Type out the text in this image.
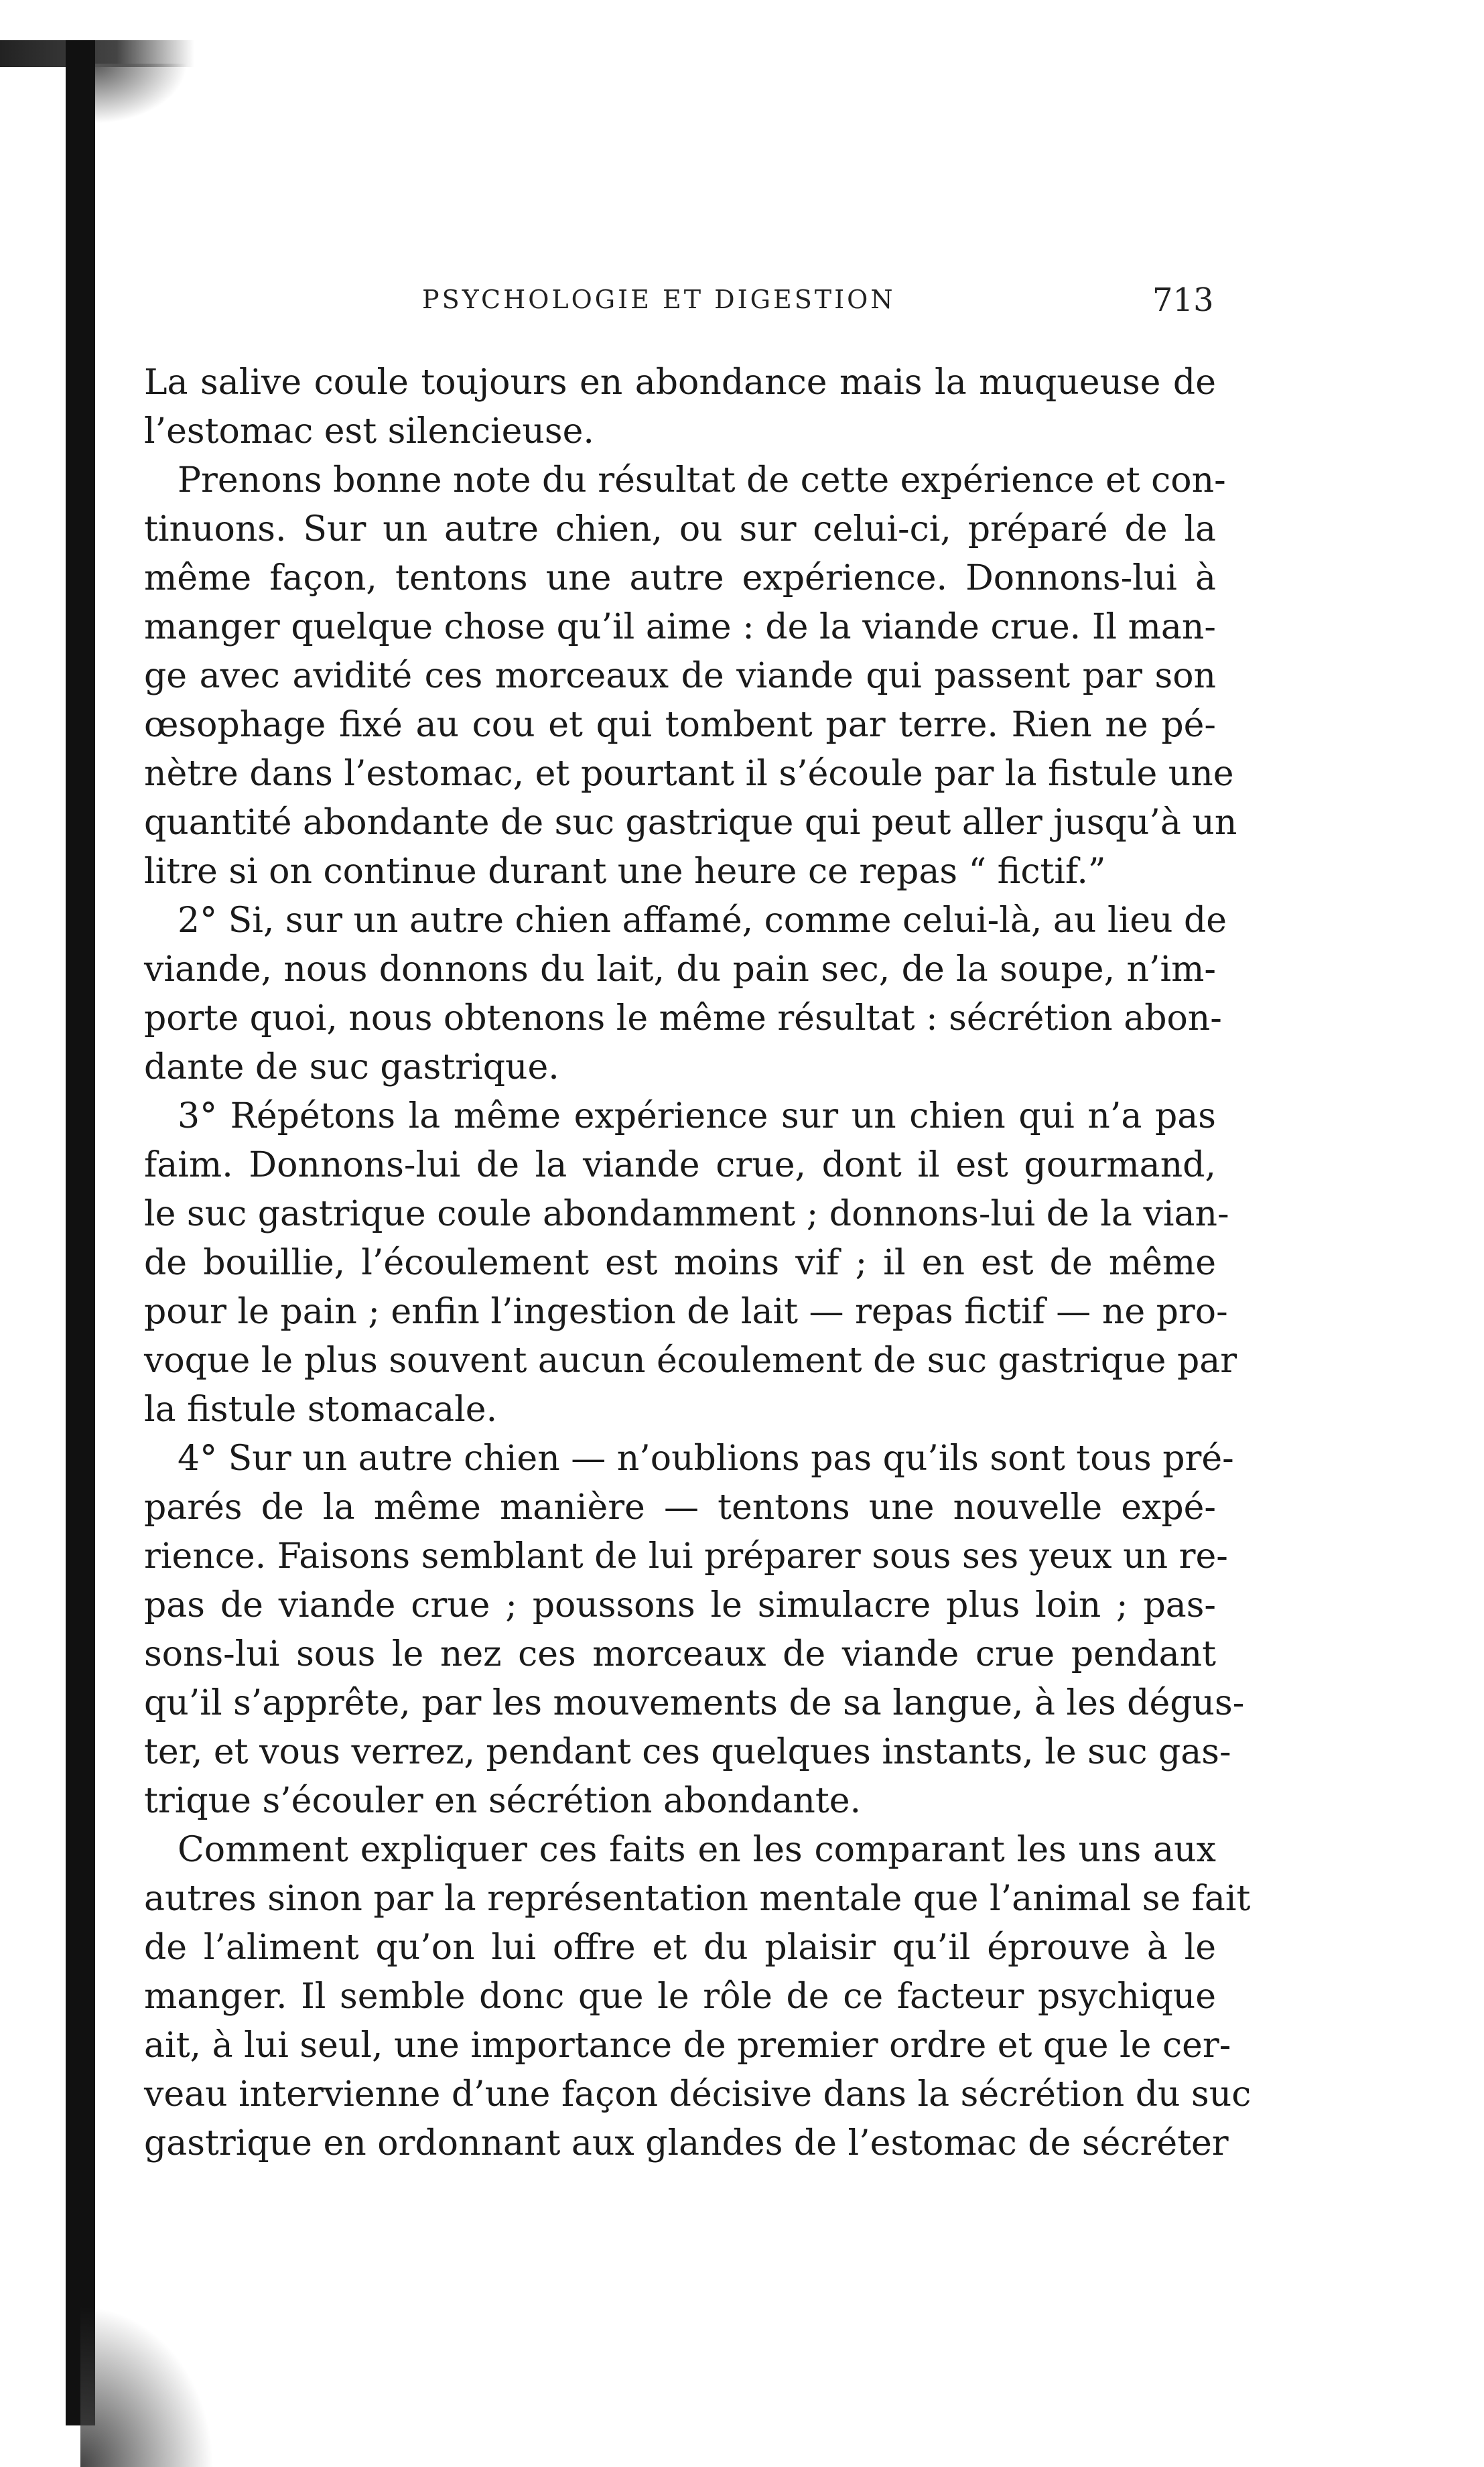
PSYCHOLOGIE ET DIGESTION	713
La salive coule toujours en abondance mais la muqueuse de
l’estomac est silencieuse.
Prenons bonne note du résultat de cette expérience et con-
tinuons. Sur un autre chien, ou sur celui-ci, préparé de la
même façon, tentons une autre expérience. Donnons-lui à
manger quelque chose qu’il aime : de la viande crue. Il man-
ge avec avidité ces morceaux de viande qui passent par son
œsophage fixé au cou et qui tombent par terre. Rien ne pé-
nètre dans l’estomac, et pourtant il s’écoule par la fistule une
quantité abondante de suc gastrique qui peut aller jusqu’à un
litre si on continue durant une heure ce repas “ fictif.”
2° Si, sur un autre chien affamé, comme celui-là, au lieu de
viande, nous donnons du lait, du pain sec, de la soupe, n’im-
porte quoi, nous obtenons le même résultat : sécrétion abon-
dante de suc gastrique.
3° Répétons la même expérience sur un chien qui n’a pas
faim. Donnons-lui de la viande crue, dont il est gourmand,
le suc gastrique coule abondamment ; donnons-lui de la vian-
de bouillie, l’écoulement est moins vif ; il en est de même
pour le pain ; enfin l’ingestion de lait — repas fictif — ne pro-
voque le plus souvent aucun écoulement de suc gastrique par
la fistule stomacale.
4° Sur un autre chien — n’oublions pas qu’ils sont tous pré-
parés de la même manière — tentons une nouvelle expé-
rience. Faisons semblant de lui préparer sous ses yeux un re-
pas de viande crue ; poussons le simulacre plus loin ; pas-
sons-lui sous le nez ces morceaux de viande crue pendant
qu’il s’apprête, par les mouvements de sa langue, à les dégus-
ter, et vous verrez, pendant ces quelques instants, le suc gas-
trique s’écouler en sécrétion abondante.
Comment expliquer ces faits en les comparant les uns aux
autres sinon par la représentation mentale que l’animal se fait
de l’aliment qu’on lui offre et du plaisir qu’il éprouve à le
manger. Il semble donc que le rôle de ce facteur psychique
ait, à lui seul, une importance de premier ordre et que le cer-
veau intervienne d’une façon décisive dans la sécrétion du suc
gastrique en ordonnant aux glandes de l’estomac de sécréter
